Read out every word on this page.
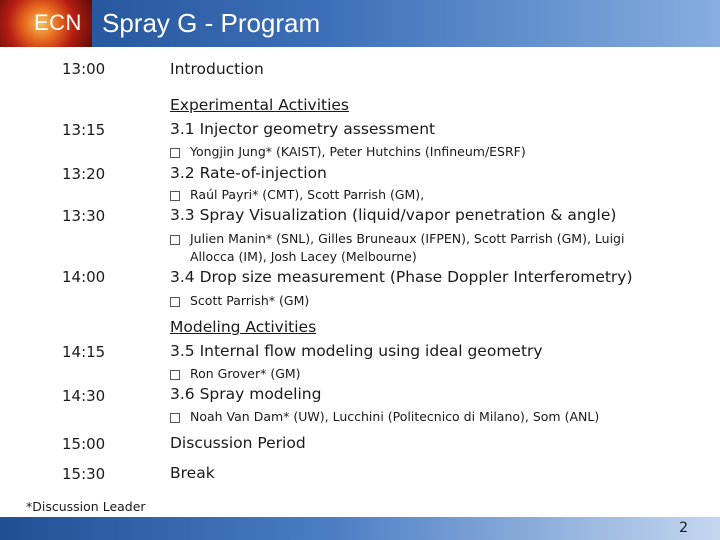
ECN Spray G - Program
13:00	Introduction
Experimental Activities
13:15	3.1 Injector geometry assessment
Yongjin Jung* (KAIST), Peter Hutchins (Infineum/ESRF)
13:20	3.2 Rate-of-injection
Raúl Payri* (CMT), Scott Parrish (GM),
13:30	3.3 Spray Visualization (liquid/vapor penetration & angle)
Julien Manin* (SNL), Gilles Bruneaux (IFPEN), Scott Parrish (GM), Luigi
Allocca (IM), Josh Lacey (Melbourne)
14:00	3.4 Drop size measurement (Phase Doppler Interferometry)
Scott Parrish* (GM)
Modeling Activities
14:15	3.5 Internal flow modeling using ideal geometry
Ron Grover* (GM)
14:30	3.6 Spray modeling
Noah Van Dam* (UW), Lucchini (Politecnico di Milano), Som (ANL)
15:00	Discussion Period
15:30	Break
*Discussion Leader
2
